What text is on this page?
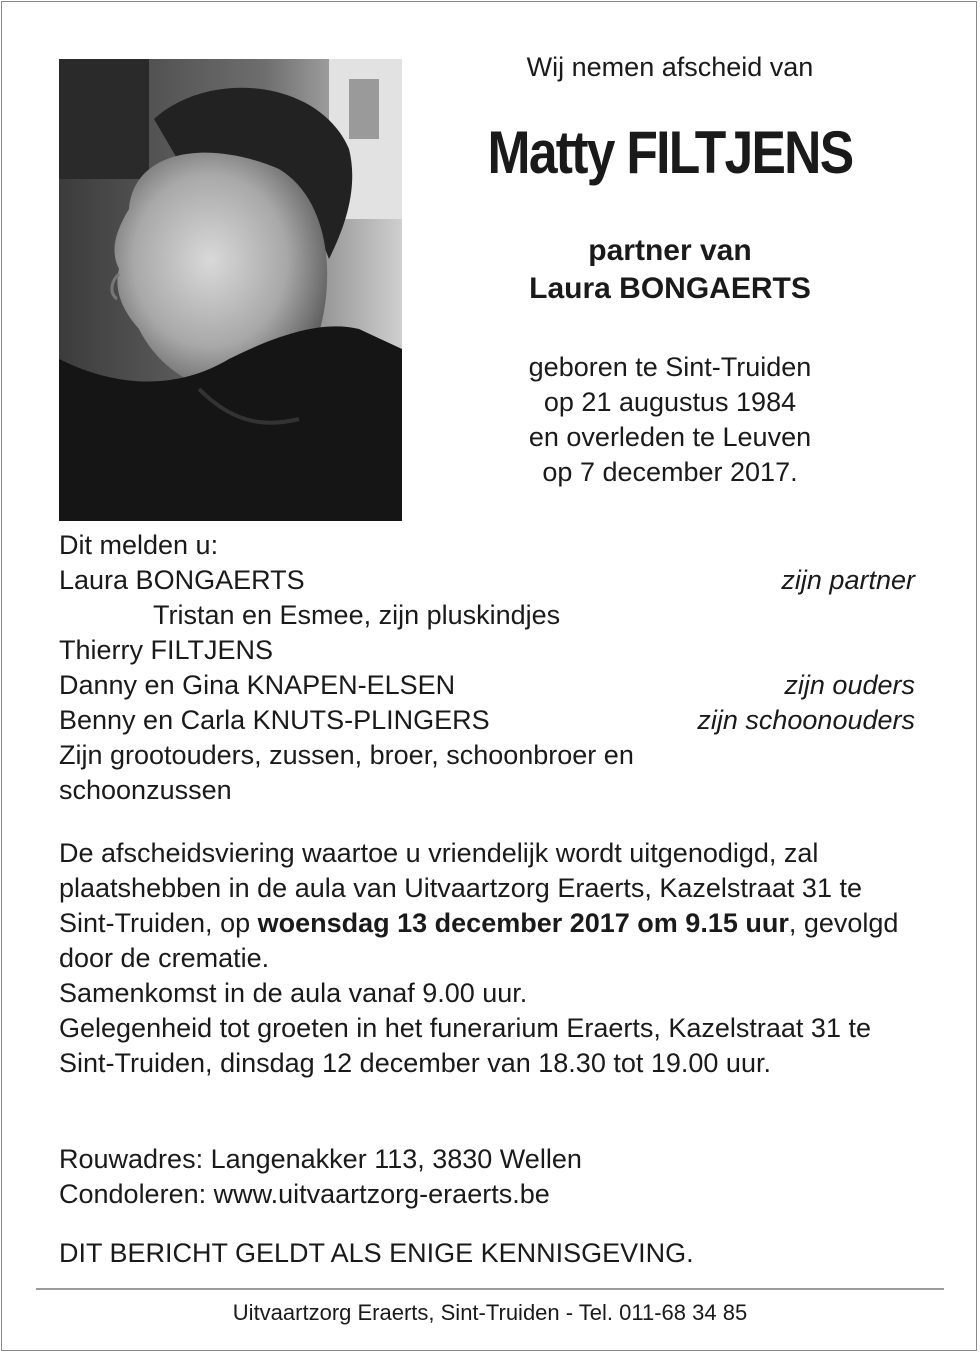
Wij nemen afscheid van
Matty FILTJENS
partner van
Laura BONGAERTS
geboren te Sint-Truiden
op 21 augustus 1984
en overleden te Leuven
op 7 december 2017.
Dit melden u:
Laura BONGAERTS	zijn partner
Tristan en Esmee, zijn pluskindjes
Thierry FILTJENS
Danny en Gina KNAPEN-ELSEN	zijn ouders
Benny en Carla KNUTS-PLINGERS	zijn schoonouders
Zijn grootouders, zussen, broer, schoonbroer en
schoonzussen
De afscheidsviering waartoe u vriendelijk wordt uitgenodigd, zal plaatshebben in de aula van Uitvaartzorg Eraerts, Kazelstraat 31 te Sint-Truiden, op woensdag 13 december 2017 om 9.15 uur, gevolgd door de crematie.
Samenkomst in de aula vanaf 9.00 uur.
Gelegenheid tot groeten in het funerarium Eraerts, Kazelstraat 31 te Sint-Truiden, dinsdag 12 december van 18.30 tot 19.00 uur.
Rouwadres: Langenakker 113, 3830 Wellen
Condoleren: www.uitvaartzorg-eraerts.be
DIT BERICHT GELDT ALS ENIGE KENNISGEVING.
Uitvaartzorg Eraerts, Sint-Truiden - Tel. 011-68 34 85
